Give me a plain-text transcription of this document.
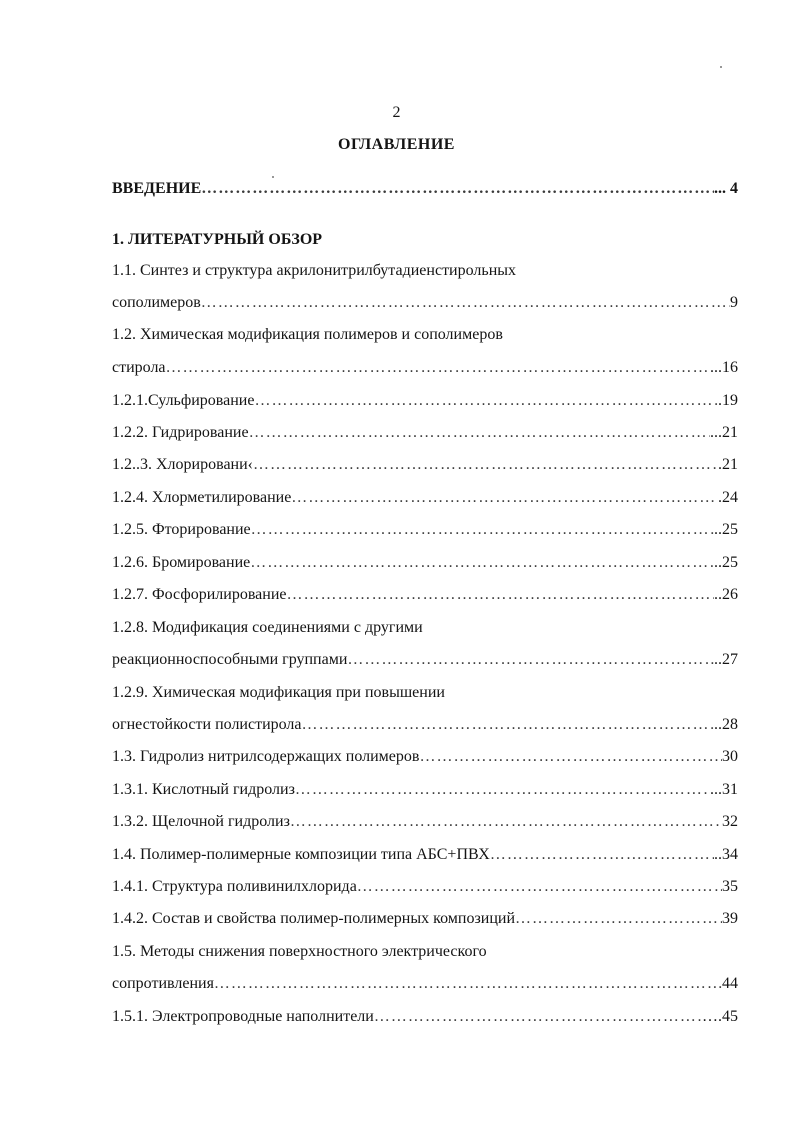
2
ОГЛАВЛЕНИЕ
ВВЕДЕНИЕ ……………………………………………………………………………………………………………………………………………………………………………………………………………………	... 4
1. ЛИТЕРАТУРНЫЙ ОБЗОР
1.1. Синтез и структура акрилонитрилбутадиенстирольных
сополимеров ……………………………………………………………………………………………………………………………………………………………………………………………………………………	9
1.2. Химическая модификация полимеров и сополимеров
стирола ……………………………………………………………………………………………………………………………………………………………………………………………………………………	...16
1.2.1.Сульфирование ……………………………………………………………………………………………………………………………………………………………………………………………………………………	.19
1.2.2. Гидрирование ……………………………………………………………………………………………………………………………………………………………………………………………………………………	...21
1.2..3. Хлорировани‹ ……………………………………………………………………………………………………………………………………………………………………………………………………………………	.21
1.2.4. Хлорметилирование ……………………………………………………………………………………………………………………………………………………………………………………………………………………	.24
1.2.5. Фторирование ……………………………………………………………………………………………………………………………………………………………………………………………………………………	..25
1.2.6. Бромирование ……………………………………………………………………………………………………………………………………………………………………………………………………………………	..25
1.2.7. Фосфорилирование ……………………………………………………………………………………………………………………………………………………………………………………………………………………	..26
1.2.8. Модификация соединениями с другими
реакционноспособными группами ……………………………………………………………………………………………………………………………………………………………………………………………………………………	..27
1.2.9. Химическая модификация при повышении
огнестойкости полистирола ……………………………………………………………………………………………………………………………………………………………………………………………………………………	..28
1.3. Гидролиз нитрилсодержащих полимеров ……………………………………………………………………………………………………………………………………………………………………………………………………………………	30
1.3.1. Кислотный гидролиз ……………………………………………………………………………………………………………………………………………………………………………………………………………………	...31
1.3.2. Щелочной гидролиз ……………………………………………………………………………………………………………………………………………………………………………………………………………………	32
1.4. Полимер-полимерные композиции типа АБС+ПВХ ……………………………………………………………………………………………………………………………………………………………………………………………………………………	..34
1.4.1. Структура поливинилхлорида ……………………………………………………………………………………………………………………………………………………………………………………………………………………	35
1.4.2. Состав и свойства полимер-полимерных композиций ……………………………………………………………………………………………………………………………………………………………………………………………………………………	39
1.5. Методы снижения поверхностного электрического
сопротивления ……………………………………………………………………………………………………………………………………………………………………………………………………………………	44
1.5.1. Электропроводные наполнители ……………………………………………………………………………………………………………………………………………………………………………………………………………………	….45
